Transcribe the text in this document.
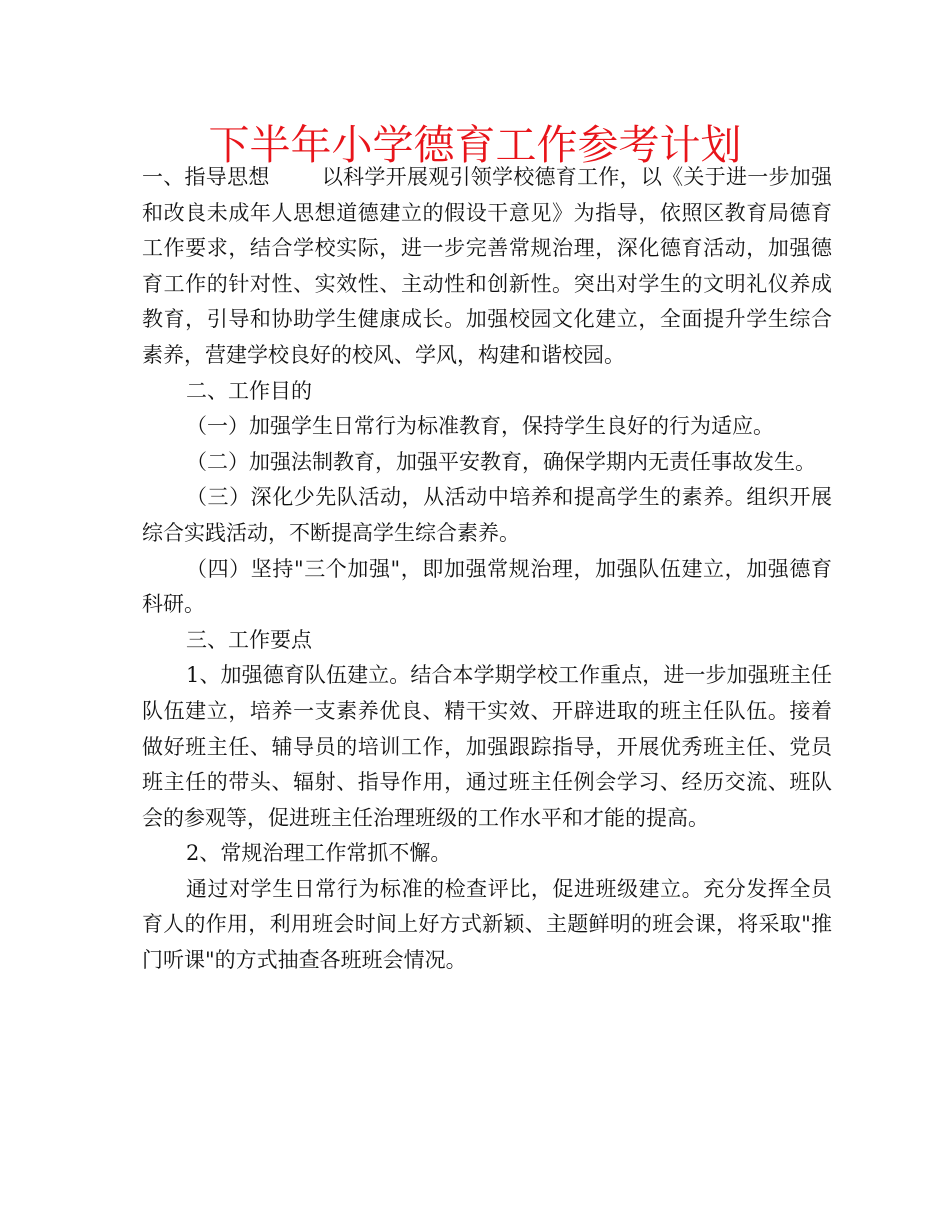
下半年小学德育工作参考计划

一、指导思想 以科学开展观引领学校德育工作，以《关于进一步加强和改良未成年人思想道德建立的假设干意见》为指导，依照区教育局德育工作要求，结合学校实际，进一步完善常规治理，深化德育活动，加强德育工作的针对性、实效性、主动性和创新性。突出对学生的文明礼仪养成教育，引导和协助学生健康成长。加强校园文化建立，全面提升学生综合素养，营建学校良好的校风、学风，构建和谐校园。

二、工作目的

（一）加强学生日常行为标准教育，保持学生良好的行为适应。

（二）加强法制教育，加强平安教育，确保学期内无责任事故发生。

（三）深化少先队活动，从活动中培养和提高学生的素养。组织开展综合实践活动，不断提高学生综合素养。

（四）坚持"三个加强"，即加强常规治理，加强队伍建立，加强德育科研。

三、工作要点

1、加强德育队伍建立。结合本学期学校工作重点，进一步加强班主任队伍建立，培养一支素养优良、精干实效、开辟进取的班主任队伍。接着做好班主任、辅导员的培训工作，加强跟踪指导，开展优秀班主任、党员班主任的带头、辐射、指导作用，通过班主任例会学习、经历交流、班队会的参观等，促进班主任治理班级的工作水平和才能的提高。

2、常规治理工作常抓不懈。

通过对学生日常行为标准的检查评比，促进班级建立。充分发挥全员育人的作用，利用班会时间上好方式新颖、主题鲜明的班会课，将采取"推门听课"的方式抽查各班班会情况。
